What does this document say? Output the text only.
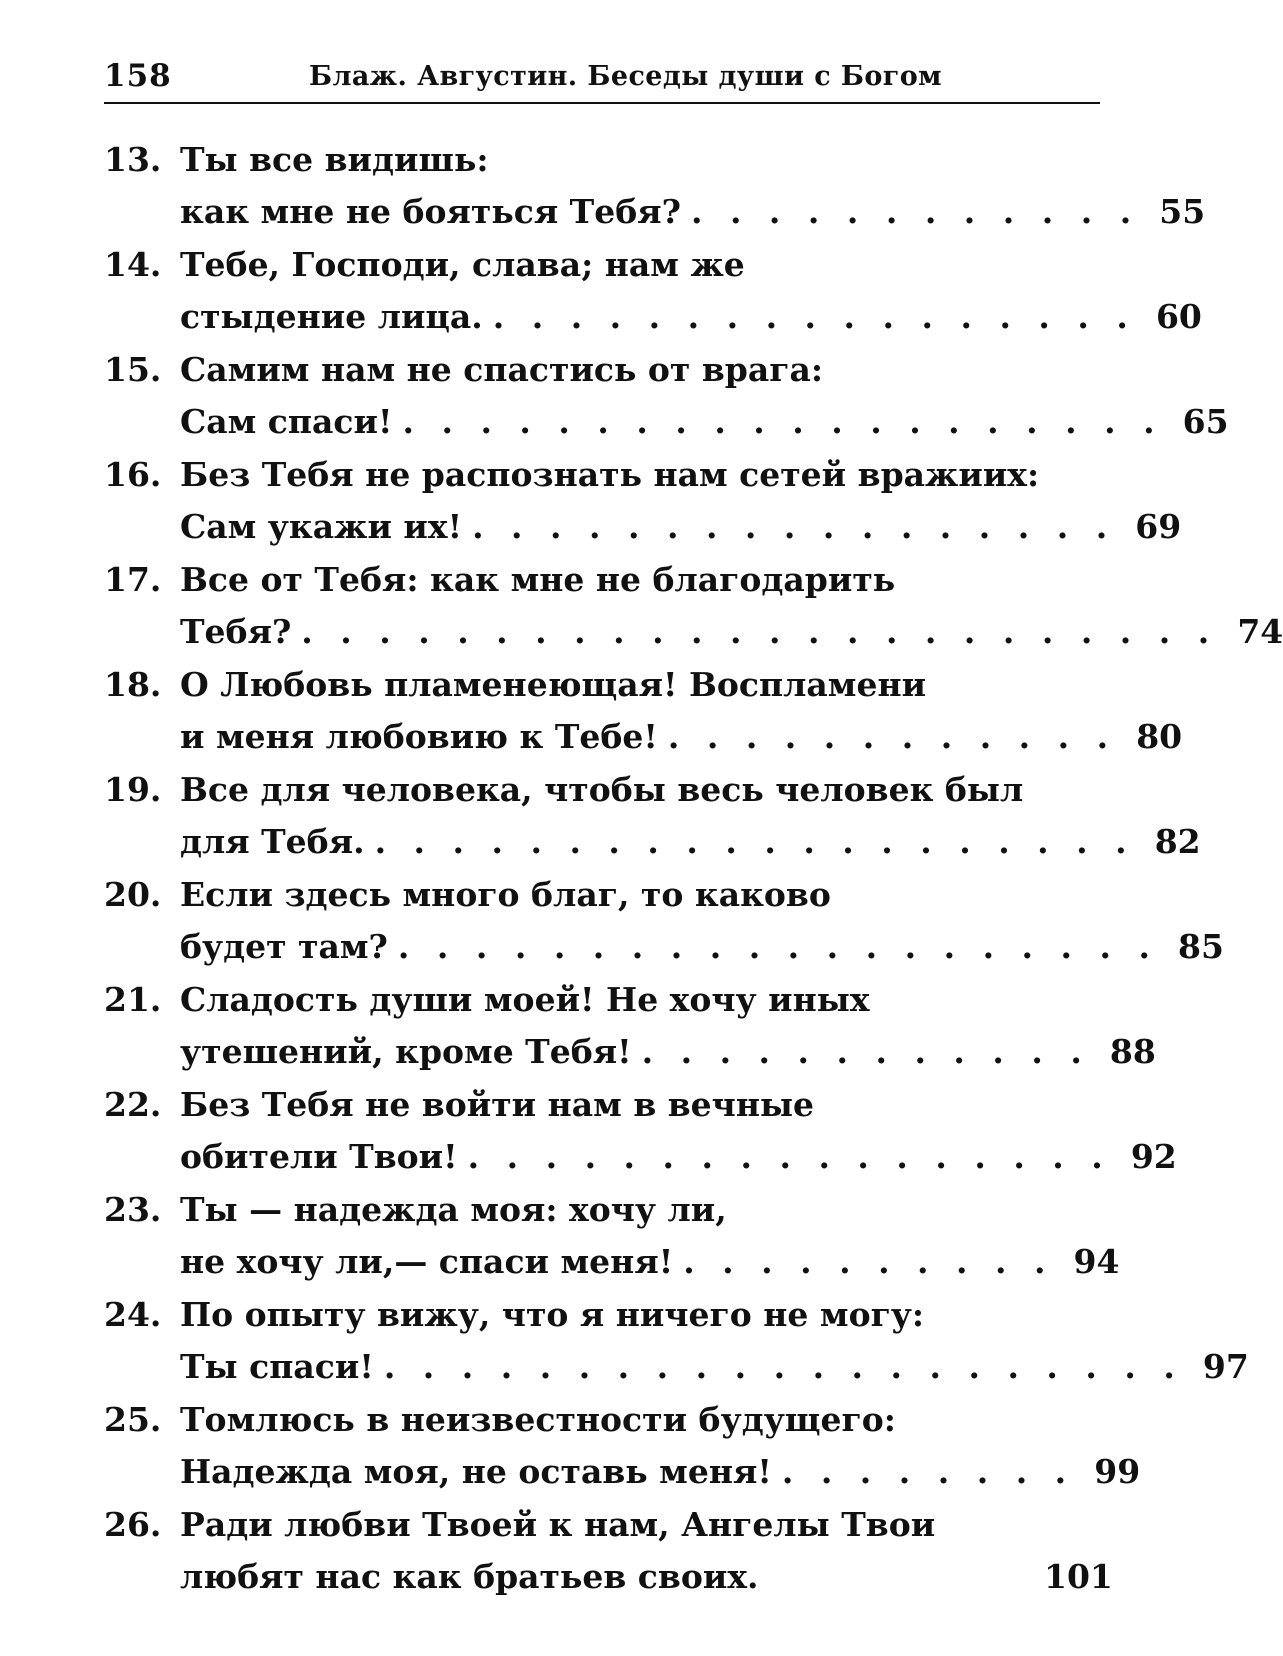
158	Блаж. Августин. Беседы души с Богом
13. Ты все видишь:
как мне не бояться Тебя? . . . . . . . . . . . . 55
14. Тебе, Господи, слава; нам же
стыдение лица. . . . . . . . . . . . . . . . . . 60
15. Самим нам не спастись от врага:
Сам спаси! . . . . . . . . . . . . . . . . . . . . 65
16. Без Тебя не распознать нам сетей вражиих:
Сам укажи их! . . . . . . . . . . . . . . . . . 69
17. Все от Тебя: как мне не благодарить
Тебя? . . . . . . . . . . . . . . . . . . . . . . . . 74
18. О Любовь пламенеющая! Воспламени
и меня любовию к Тебе! . . . . . . . . . . . . 80
19. Все для человека, чтобы весь человек был
для Тебя. . . . . . . . . . . . . . . . . . . . . 82
20. Если здесь много благ, то каково
будет там? . . . . . . . . . . . . . . . . . . . . 85
21. Сладость души моей! Не хочу иных
утешений, кроме Тебя! . . . . . . . . . . . . 88
22. Без Тебя не войти нам в вечные
обители Твои! . . . . . . . . . . . . . . . . . 92
23. Ты — надежда моя: хочу ли,
не хочу ли,— спаси меня! . . . . . . . . . . 94
24. По опыту вижу, что я ничего не могу:
Ты спаси! . . . . . . . . . . . . . . . . . . . . . 97
25. Томлюсь в неизвестности будущего:
Надежда моя, не оставь меня! . . . . . . . . 99
26. Ради любви Твоей к нам, Ангелы Твои
любят нас как братьев своих.	101
